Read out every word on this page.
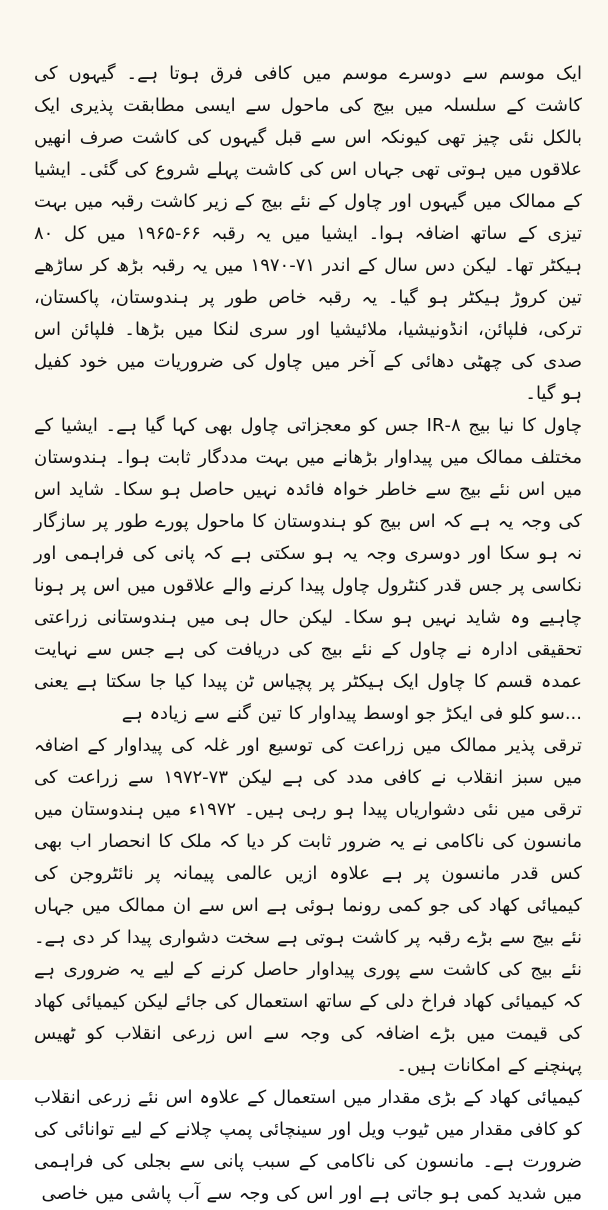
ایک موسم سے دوسرے موسم میں کافی فرق ہوتا ہے۔ گیہوں کی کاشت کے سلسلہ میں بیج کی ماحول سے ایسی مطابقت پذیری ایک بالکل نئی چیز تھی کیونکہ اس سے قبل گیہوں کی کاشت صرف انھیں علاقوں میں ہوتی تھی جہاں اس کی کاشت پہلے شروع کی گئی۔ ایشیا کے ممالک میں گیہوں اور چاول کے نئے بیج کے زیر کاشت رقبہ میں بہت تیزی کے ساتھ اضافہ ہوا۔ ایشیا میں یہ رقبہ ۶۶-۱۹۶۵ میں کل ۸۰ ہیکٹر تھا۔ لیکن دس سال کے اندر ۷۱-۱۹۷۰ میں یہ رقبہ بڑھ کر ساڑھے تین کروڑ ہیکٹر ہو گیا۔ یہ رقبہ خاص طور پر ہندوستان، پاکستان، ترکی، فلپائن، انڈونیشیا، ملائیشیا اور سری لنکا میں بڑھا۔ فلپائن اس صدی کی چھٹی دھائی کے آخر میں چاول کی ضروریات میں خود کفیل ہو گیا۔

چاول کا نیا بیج ۸-IR جس کو معجزاتی چاول بھی کہا گیا ہے۔ ایشیا کے مختلف ممالک میں پیداوار بڑھانے میں بہت مددگار ثابت ہوا۔ ہندوستان میں اس نئے بیج سے خاطر خواہ فائدہ نہیں حاصل ہو سکا۔ شاید اس کی وجہ یہ ہے کہ اس بیج کو ہندوستان کا ماحول پورے طور پر سازگار نہ ہو سکا اور دوسری وجہ یہ ہو سکتی ہے کہ پانی کی فراہمی اور نکاسی پر جس قدر کنٹرول چاول پیدا کرنے والے علاقوں میں اس پر ہونا چاہیے وہ شاید نہیں ہو سکا۔ لیکن حال ہی میں ہندوستانی زراعتی تحقیقی ادارہ نے چاول کے نئے بیج کی دریافت کی ہے جس سے نہایت عمدہ قسم کا چاول ایک ہیکٹر پر پچیاس ٹن پیدا کیا جا سکتا ہے یعنی ...سو کلو فی ایکڑ جو اوسط پیداوار کا تین گنے سے زیادہ ہے

ترقی پذیر ممالک میں زراعت کی توسیع اور غلہ کی پیداوار کے اضافہ میں سبز انقلاب نے کافی مدد کی ہے لیکن ۷۳-۱۹۷۲ سے زراعت کی ترقی میں نئی دشواریاں پیدا ہو رہی ہیں۔ ۱۹۷۲ء میں ہندوستان میں مانسون کی ناکامی نے یہ ضرور ثابت کر دیا کہ ملک کا انحصار اب بھی کس قدر مانسون پر ہے علاوہ ازیں عالمی پیمانہ پر نائٹروجن کی کیمیائی کھاد کی جو کمی رونما ہوئی ہے اس سے ان ممالک میں جہاں نئے بیج سے بڑے رقبہ پر کاشت ہوتی ہے سخت دشواری پیدا کر دی ہے۔ نئے بیج کی کاشت سے پوری پیداوار حاصل کرنے کے لیے یہ ضروری ہے کہ کیمیائی کھاد فراخ دلی کے ساتھ استعمال کی جائے لیکن کیمیائی کھاد کی قیمت میں بڑے اضافہ کی وجہ سے اس زرعی انقلاب کو ٹھیس پہنچنے کے امکانات ہیں۔

کیمیائی کھاد کے بڑی مقدار میں استعمال کے علاوہ اس نئے زرعی انقلاب کو کافی مقدار میں ٹیوب ویل اور سینچائی پمپ چلانے کے لیے توانائی کی ضرورت ہے۔ مانسون کی ناکامی کے سبب پانی سے بجلی کی فراہمی میں شدید کمی ہو جاتی ہے اور اس کی وجہ سے آب پاشی میں خاصی
